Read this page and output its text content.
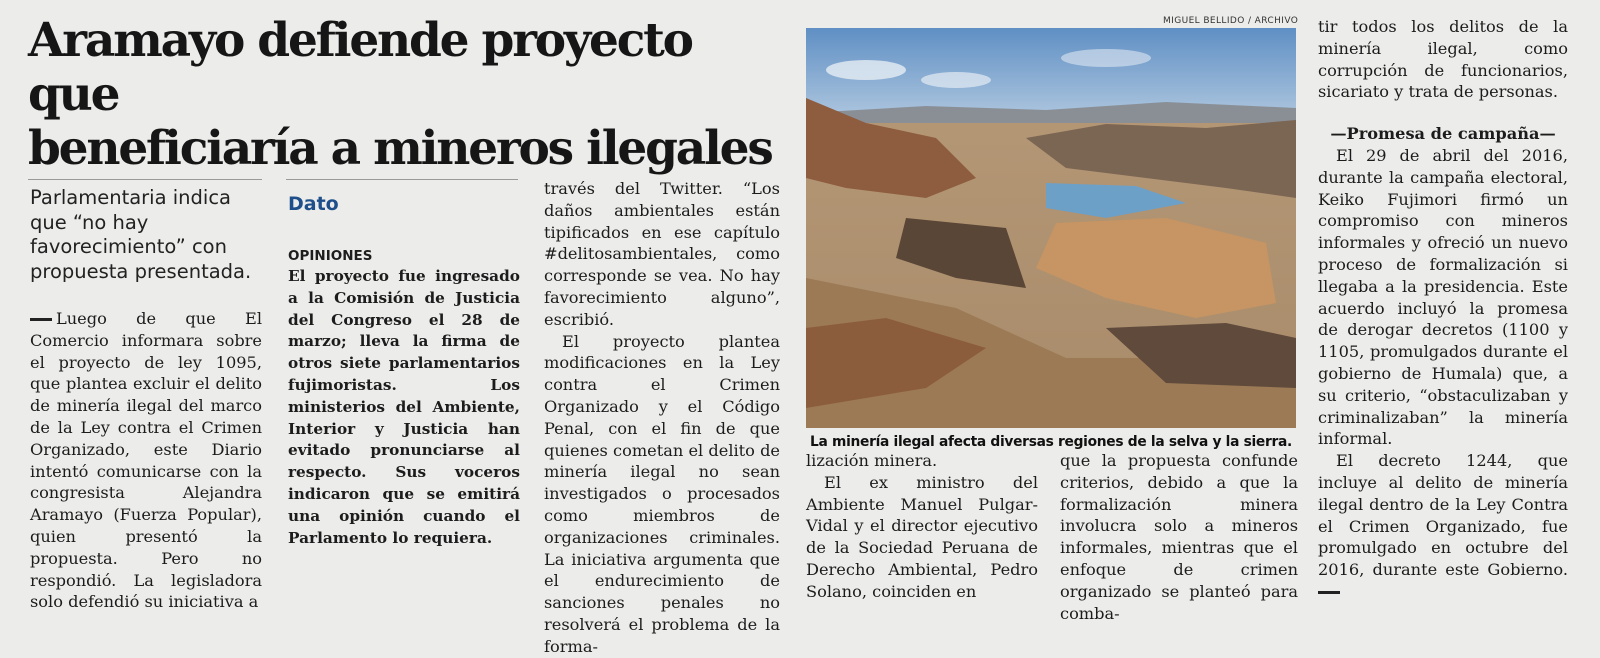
Aramayo defiende proyecto que
beneficiaría a mineros ilegales
Parlamentaria indica que “no hay favorecimiento” con propuesta presentada.

Luego de que El Comercio informara sobre el proyecto de ley 1095, que plantea excluir el delito de minería ilegal del marco de la Ley contra el Crimen Organizado, este Diario intentó comunicarse con la congresista Alejandra Aramayo (Fuerza Popular), quien presentó la propuesta. Pero no respondió. La legisladora solo defendió su iniciativa a

Dato
OPINIONES
El proyecto fue ingresado a la Comisión de Justicia del Congreso el 28 de marzo; lleva la firma de otros siete parlamentarios fujimoristas. Los ministerios del Ambiente, Interior y Justicia han evitado pronunciarse al respecto. Sus voceros indicaron que se emitirá una opinión cuando el Parlamento lo requiera.

través del Twitter. “Los daños ambientales están tipificados en ese capítulo #delitosambientales, como corresponde se vea. No hay favorecimiento alguno”, escribió.

El proyecto plantea modificaciones en la Ley contra el Crimen Organizado y el Código Penal, con el fin de que quienes cometan el delito de minería ilegal no sean investigados o procesados como miembros de organizaciones criminales. La iniciativa argumenta que el endurecimiento de sanciones penales no resolverá el problema de la forma-

MIGUEL BELLIDO / ARCHIVO
La minería ilegal afecta diversas regiones de la selva y la sierra.

lización minera.

El ex ministro del Ambiente Manuel Pulgar-Vidal y el director ejecutivo de la Sociedad Peruana de Derecho Ambiental, Pedro Solano, coinciden en

que la propuesta confunde criterios, debido a que la formalización minera involucra solo a mineros informales, mientras que el enfoque de crimen organizado se planteó para comba-

tir todos los delitos de la minería ilegal, como corrupción de funcionarios, sicariato y trata de personas.

—Promesa de campaña—

El 29 de abril del 2016, durante la campaña electoral, Keiko Fujimori firmó un compromiso con mineros informales y ofreció un nuevo proceso de formalización si llegaba a la presidencia. Este acuerdo incluyó la promesa de derogar decretos (1100 y 1105, promulgados durante el gobierno de Humala) que, a su criterio, “obstaculizaban y criminalizaban” la minería informal.

El decreto 1244, que incluye al delito de minería ilegal dentro de la Ley Contra el Crimen Organizado, fue promulgado en octubre del 2016, durante este Gobierno.
